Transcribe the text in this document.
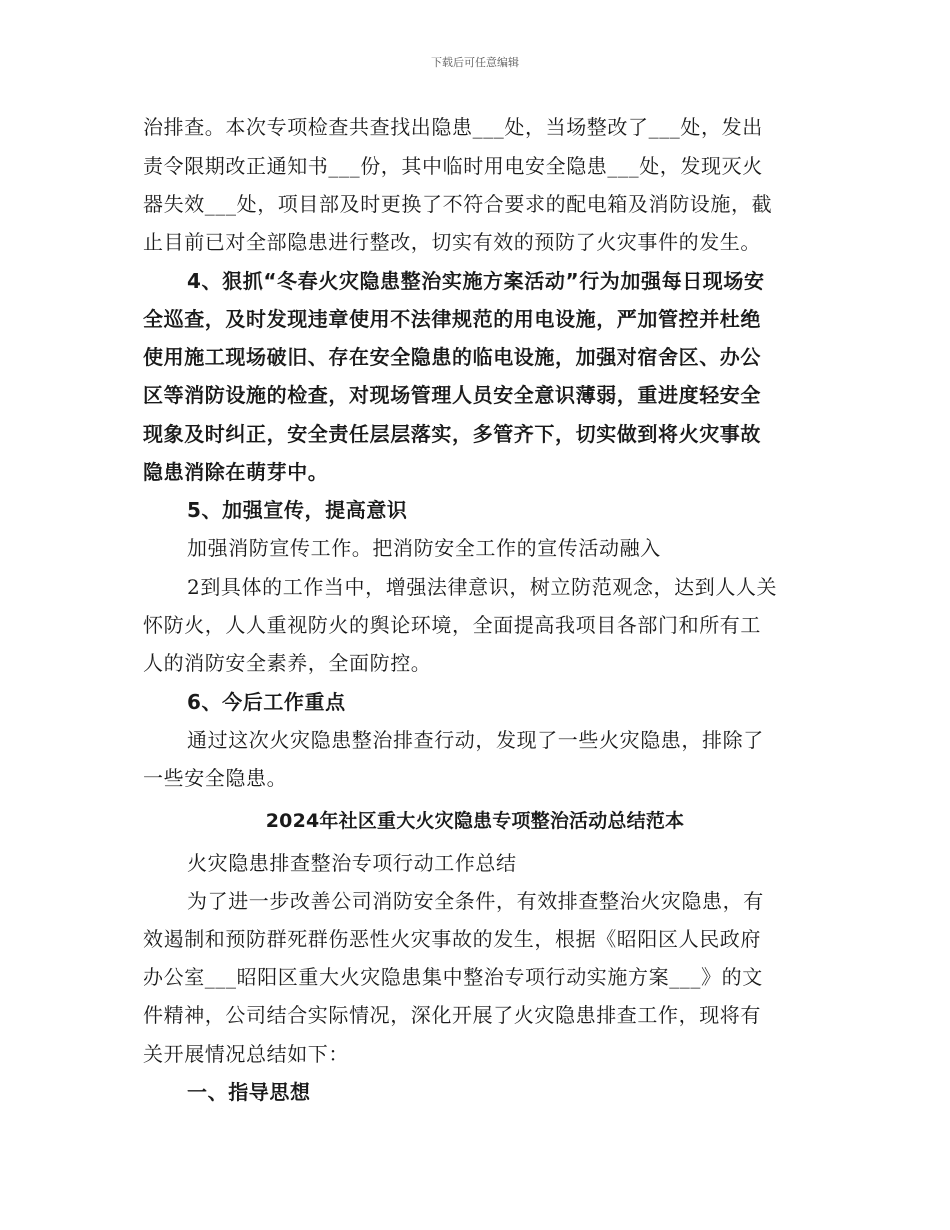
下载后可任意编辑
治排查。本次专项检查共查找出隐患___处，当场整改了___处，发出
责令限期改正通知书___份，其中临时用电安全隐患___处，发现灭火
器失效___处，项目部及时更换了不符合要求的配电箱及消防设施，截
止目前已对全部隐患进行整改，切实有效的预防了火灾事件的发生。
4、狠抓“冬春火灾隐患整治实施方案活动”行为加强每日现场安
全巡查，及时发现违章使用不法律规范的用电设施，严加管控并杜绝
使用施工现场破旧、存在安全隐患的临电设施，加强对宿舍区、办公
区等消防设施的检查，对现场管理人员安全意识薄弱，重进度轻安全
现象及时纠正，安全责任层层落实，多管齐下，切实做到将火灾事故
隐患消除在萌芽中。
5、加强宣传，提高意识
加强消防宣传工作。把消防安全工作的宣传活动融入
2到具体的工作当中，增强法律意识，树立防范观念，达到人人关
怀防火，人人重视防火的舆论环境，全面提高我项目各部门和所有工
人的消防安全素养，全面防控。
6、今后工作重点
通过这次火灾隐患整治排查行动，发现了一些火灾隐患，排除了
一些安全隐患。
2024年社区重大火灾隐患专项整治活动总结范本
火灾隐患排查整治专项行动工作总结
为了进一步改善公司消防安全条件，有效排查整治火灾隐患，有
效遏制和预防群死群伤恶性火灾事故的发生，根据《昭阳区人民政府
办公室___昭阳区重大火灾隐患集中整治专项行动实施方案___》的文
件精神，公司结合实际情况，深化开展了火灾隐患排查工作，现将有
关开展情况总结如下：
一、指导思想
